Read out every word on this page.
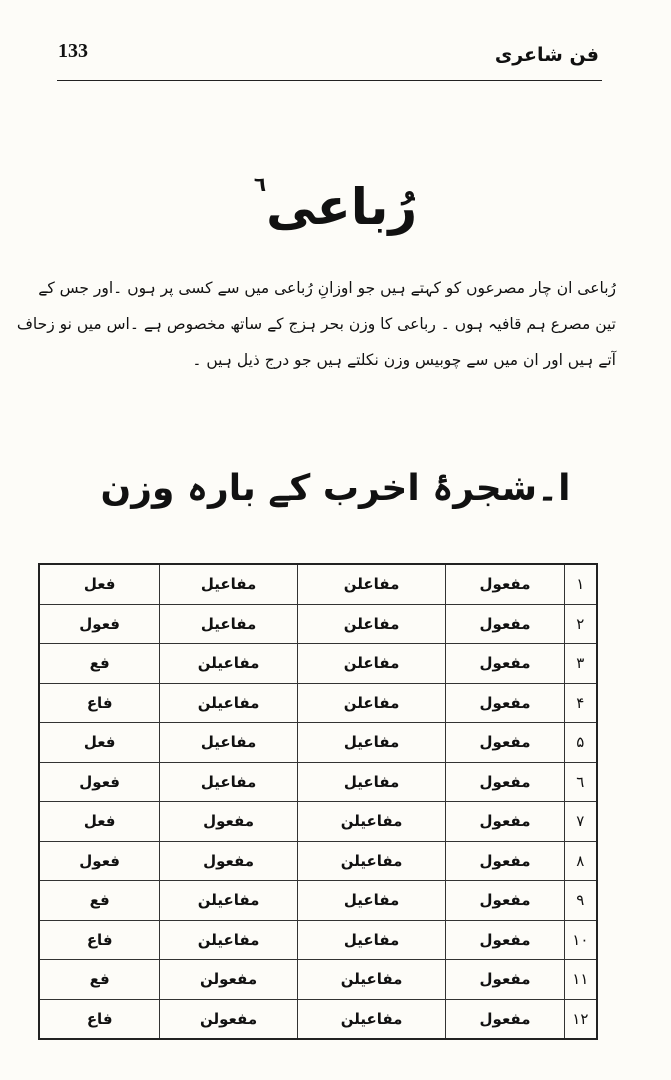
133	فن شاعری
رُباعی$^٦$
رُباعی ان چار مصرعوں کو کہتے ہیں جو اوزانِ رُباعی میں سے کسی پر ہوں ۔اور جس کے
تین مصرع ہم قافیہ ہوں ۔ رباعی کا وزن بحر ہزج کے ساتھ مخصوص ہے ۔اس میں نو زحاف
آتے ہیں اور ان میں سے چوبیس وزن نکلتے ہیں جو درج ذیل ہیں ۔
ا۔شجرۂ اخرب کے بارہ وزن
۱	مفعول	مفاعلن	مفاعیل	فعل
۲	مفعول	مفاعلن	مفاعیل	فعول
۳	مفعول	مفاعلن	مفاعیلن	فع
۴	مفعول	مفاعلن	مفاعیلن	فاع
۵	مفعول	مفاعیل	مفاعیل	فعل
٦	مفعول	مفاعیل	مفاعیل	فعول
۷	مفعول	مفاعیلن	مفعول	فعل
۸	مفعول	مفاعیلن	مفعول	فعول
۹	مفعول	مفاعیل	مفاعیلن	فع
۱۰	مفعول	مفاعیل	مفاعیلن	فاع
۱۱	مفعول	مفاعیلن	مفعولن	فع
۱۲	مفعول	مفاعیلن	مفعولن	فاع
